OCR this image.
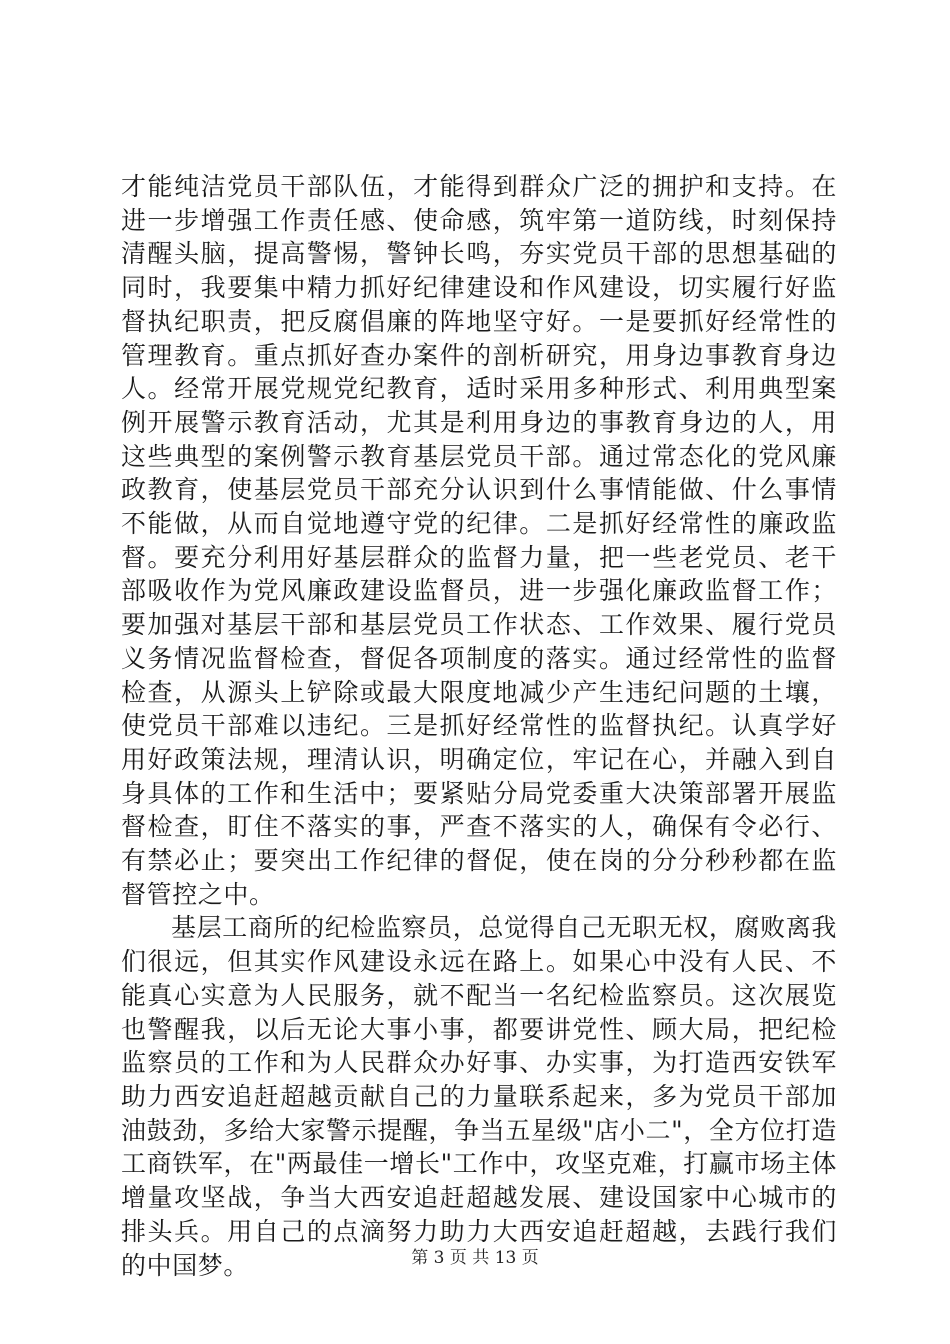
才能纯洁党员干部队伍，才能得到群众广泛的拥护和支持。在进一步增强工作责任感、使命感，筑牢第一道防线，时刻保持清醒头脑，提高警惕，警钟长鸣，夯实党员干部的思想基础的同时，我要集中精力抓好纪律建设和作风建设，切实履行好监督执纪职责，把反腐倡廉的阵地坚守好。一是要抓好经常性的管理教育。重点抓好查办案件的剖析研究，用身边事教育身边人。经常开展党规党纪教育，适时采用多种形式、利用典型案例开展警示教育活动，尤其是利用身边的事教育身边的人，用这些典型的案例警示教育基层党员干部。通过常态化的党风廉政教育，使基层党员干部充分认识到什么事情能做、什么事情不能做，从而自觉地遵守党的纪律。二是抓好经常性的廉政监督。要充分利用好基层群众的监督力量，把一些老党员、老干部吸收作为党风廉政建设监督员，进一步强化廉政监督工作；要加强对基层干部和基层党员工作状态、工作效果、履行党员义务情况监督检查，督促各项制度的落实。通过经常性的监督检查，从源头上铲除或最大限度地减少产生违纪问题的土壤，使党员干部难以违纪。三是抓好经常性的监督执纪。认真学好用好政策法规，理清认识，明确定位，牢记在心，并融入到自身具体的工作和生活中；要紧贴分局党委重大决策部署开展监督检查，盯住不落实的事，严查不落实的人，确保有令必行、有禁必止；要突出工作纪律的督促，使在岗的分分秒秒都在监督管控之中。

基层工商所的纪检监察员，总觉得自己无职无权，腐败离我们很远，但其实作风建设永远在路上。如果心中没有人民、不能真心实意为人民服务，就不配当一名纪检监察员。这次展览也警醒我，以后无论大事小事，都要讲党性、顾大局，把纪检监察员的工作和为人民群众办好事、办实事，为打造西安铁军助力西安追赶超越贡献自己的力量联系起来，多为党员干部加油鼓劲，多给大家警示提醒，争当五星级"店小二"，全方位打造工商铁军，在"两最佳一增长"工作中，攻坚克难，打赢市场主体增量攻坚战，争当大西安追赶超越发展、建设国家中心城市的排头兵。用自己的点滴努力助力大西安追赶超越，去践行我们的中国梦。	第 3 页 共 13 页
